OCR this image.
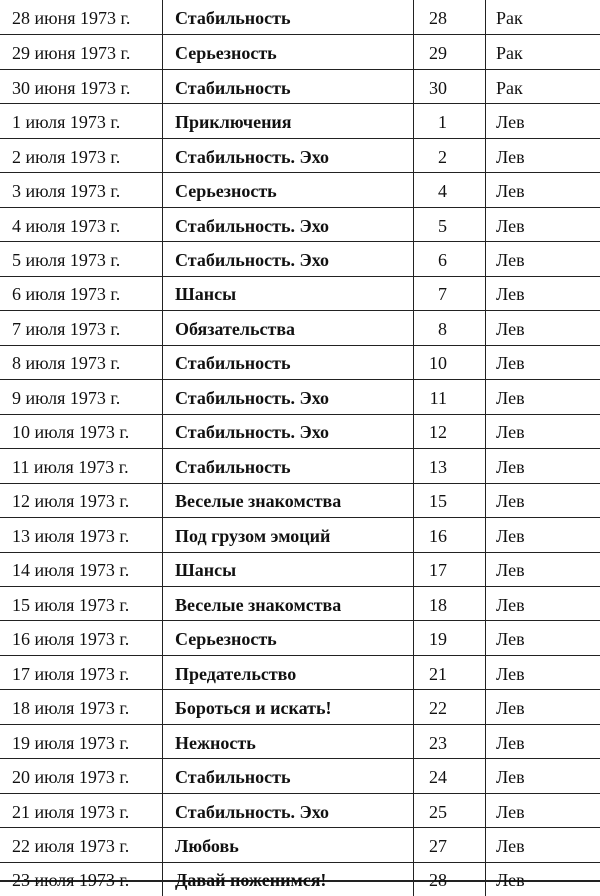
28 июня 1973 г.	Стабильность	28	Рак
29 июня 1973 г.	Серьезность	29	Рак
30 июня 1973 г.	Стабильность	30	Рак
1 июля 1973 г.	Приключения	1	Лев
2 июля 1973 г.	Стабильность. Эхо	2	Лев
3 июля 1973 г.	Серьезность	4	Лев
4 июля 1973 г.	Стабильность. Эхо	5	Лев
5 июля 1973 г.	Стабильность. Эхо	6	Лев
6 июля 1973 г.	Шансы	7	Лев
7 июля 1973 г.	Обязательства	8	Лев
8 июля 1973 г.	Стабильность	10	Лев
9 июля 1973 г.	Стабильность. Эхо	11	Лев
10 июля 1973 г.	Стабильность. Эхо	12	Лев
11 июля 1973 г.	Стабильность	13	Лев
12 июля 1973 г.	Веселые знакомства	15	Лев
13 июля 1973 г.	Под грузом эмоций	16	Лев
14 июля 1973 г.	Шансы	17	Лев
15 июля 1973 г.	Веселые знакомства	18	Лев
16 июля 1973 г.	Серьезность	19	Лев
17 июля 1973 г.	Предательство	21	Лев
18 июля 1973 г.	Бороться и искать!	22	Лев
19 июля 1973 г.	Нежность	23	Лев
20 июля 1973 г.	Стабильность	24	Лев
21 июля 1973 г.	Стабильность. Эхо	25	Лев
22 июля 1973 г.	Любовь	27	Лев
23 июля 1973 г.	Давай поженимся!	28	Лев
